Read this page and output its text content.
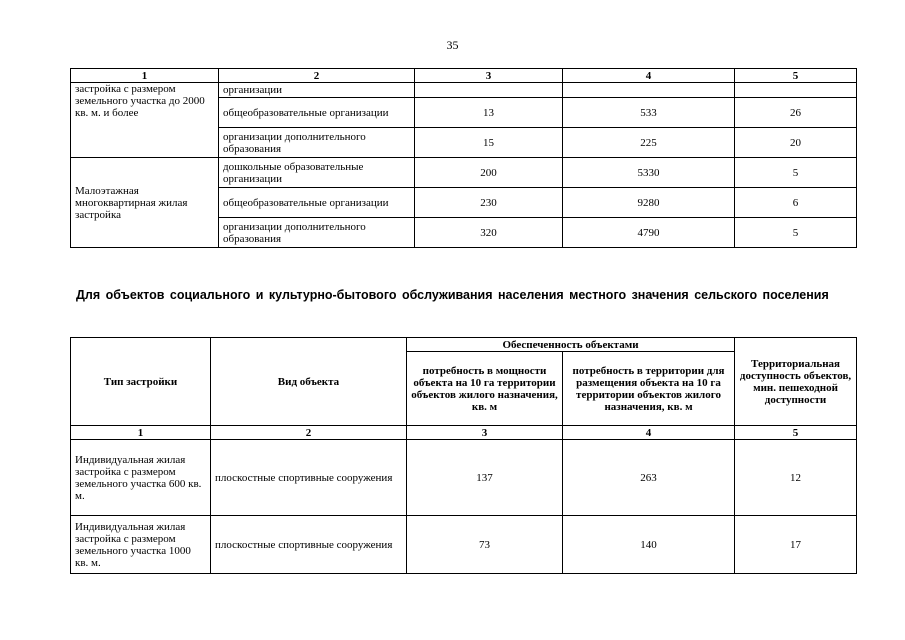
35
1	2	3	4	5
застройка с размером земельного участка до 2000 кв. м. и более	организации			
	общеобразовательные организации	13	533	26
	организации дополнительного образования	15	225	20
Малоэтажная многоквартирная жилая застройка	дошкольные образовательные организации	200	5330	5
	общеобразовательные организации	230	9280	6
	организации дополнительного образования	320	4790	5
Для объектов социального и культурно-бытового обслуживания населения местного значения сельского поселения
Тип застройки	Вид объекта	Обеспеченность объектами		Территориальная доступность объектов, мин. пешеходной доступности
		потребность в мощности объекта на 10 га территории объектов жилого назначения, кв. м	потребность в территории для размещения объекта на 10 га территории объектов жилого назначения, кв. м	
1	2	3	4	5
Индивидуальная жилая застройка с размером земельного участка 600 кв. м.	плоскостные спортивные сооружения	137	263	12
Индивидуальная жилая застройка с размером земельного участка 1000 кв. м.	плоскостные спортивные сооружения	73	140	17
